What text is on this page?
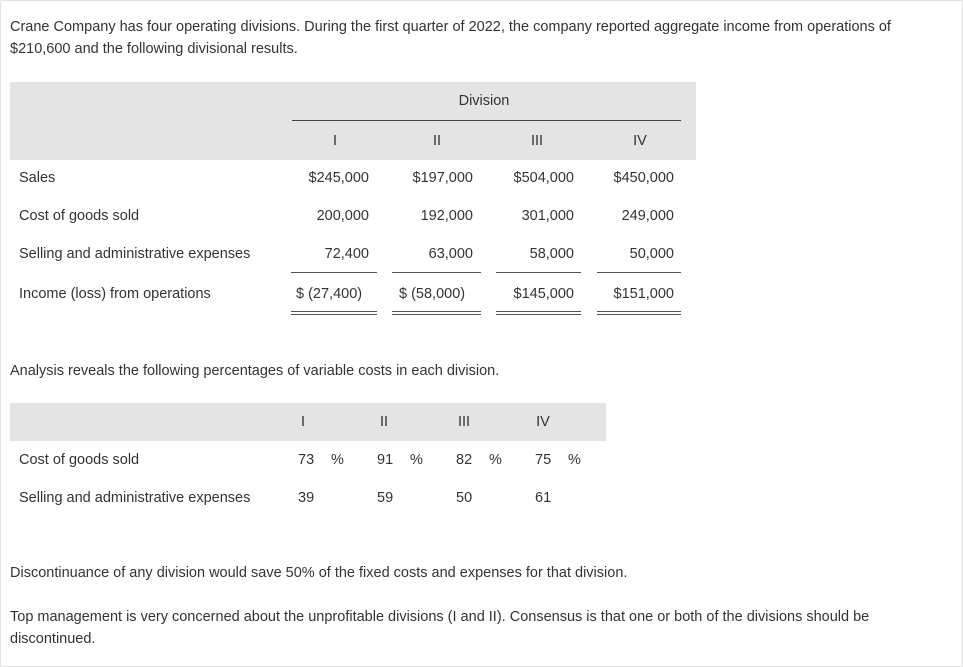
Crane Company has four operating divisions. During the first quarter of 2022, the company reported aggregate income from operations of $210,600 and the following divisional results.
Division
I	II	III	IV
Sales	$245,000	$197,000	$504,000	$450,000
Cost of goods sold	200,000	192,000	301,000	249,000
Selling and administrative expenses	72,400	63,000	58,000	50,000
Income (loss) from operations	$ (27,400)	$ (58,000)	$145,000	$151,000
Analysis reveals the following percentages of variable costs in each division.
I	II	III	IV
Cost of goods sold	73 % 91 % 82 % 75 %
Selling and administrative expenses	39	59	50	61
Discontinuance of any division would save 50% of the fixed costs and expenses for that division.
Top management is very concerned about the unprofitable divisions (I and II). Consensus is that one or both of the divisions should be discontinued.
